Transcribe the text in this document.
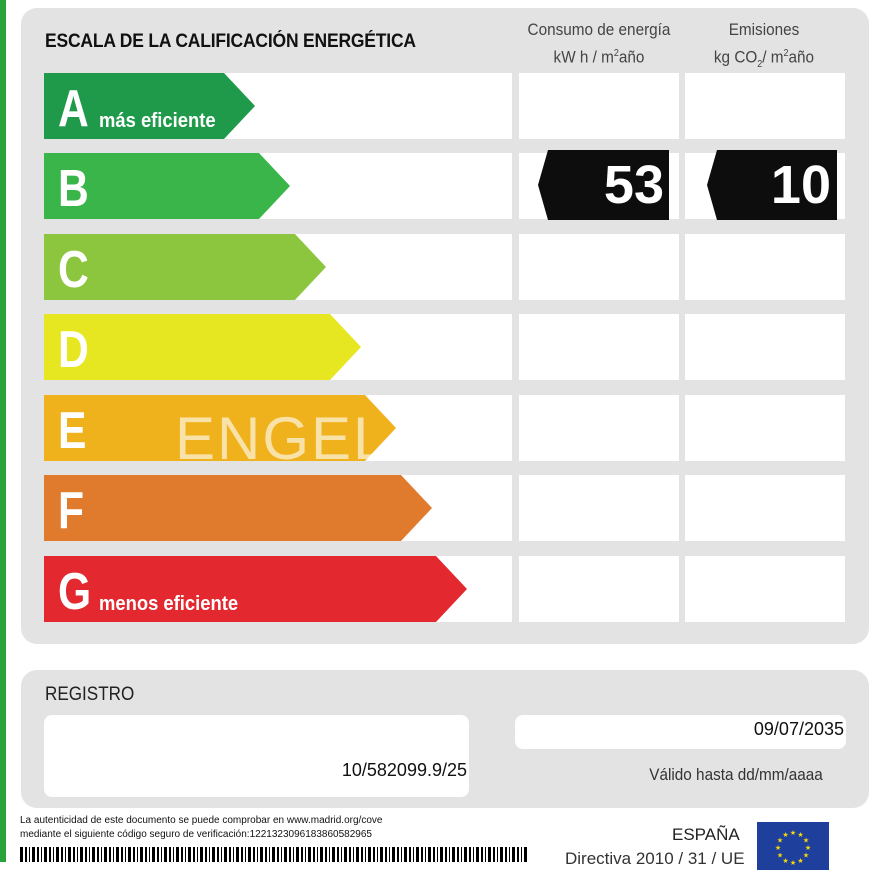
ESCALA DE LA CALIFICACIÓN ENERGÉTICA
Consumo de energía
kW h / $m^2año$
Emisiones
kg $CO_2/$ $m^2año$
A
B
C
D
E
F
G
más eficiente
menos eficiente
53	10
ENGEL
REGISTRO
10/582099.9/25
09/07/2035
Válido hasta dd/mm/aaaa
La autenticidad de este documento se puede comprobar en www.madrid.org/cove
mediante el siguiente código seguro de verificación:1221323096183860582965	ESPAÑA
Directiva 2010 / 31 / UE
★
★
★
★
★
★
★
★
★ ★ ★
★
